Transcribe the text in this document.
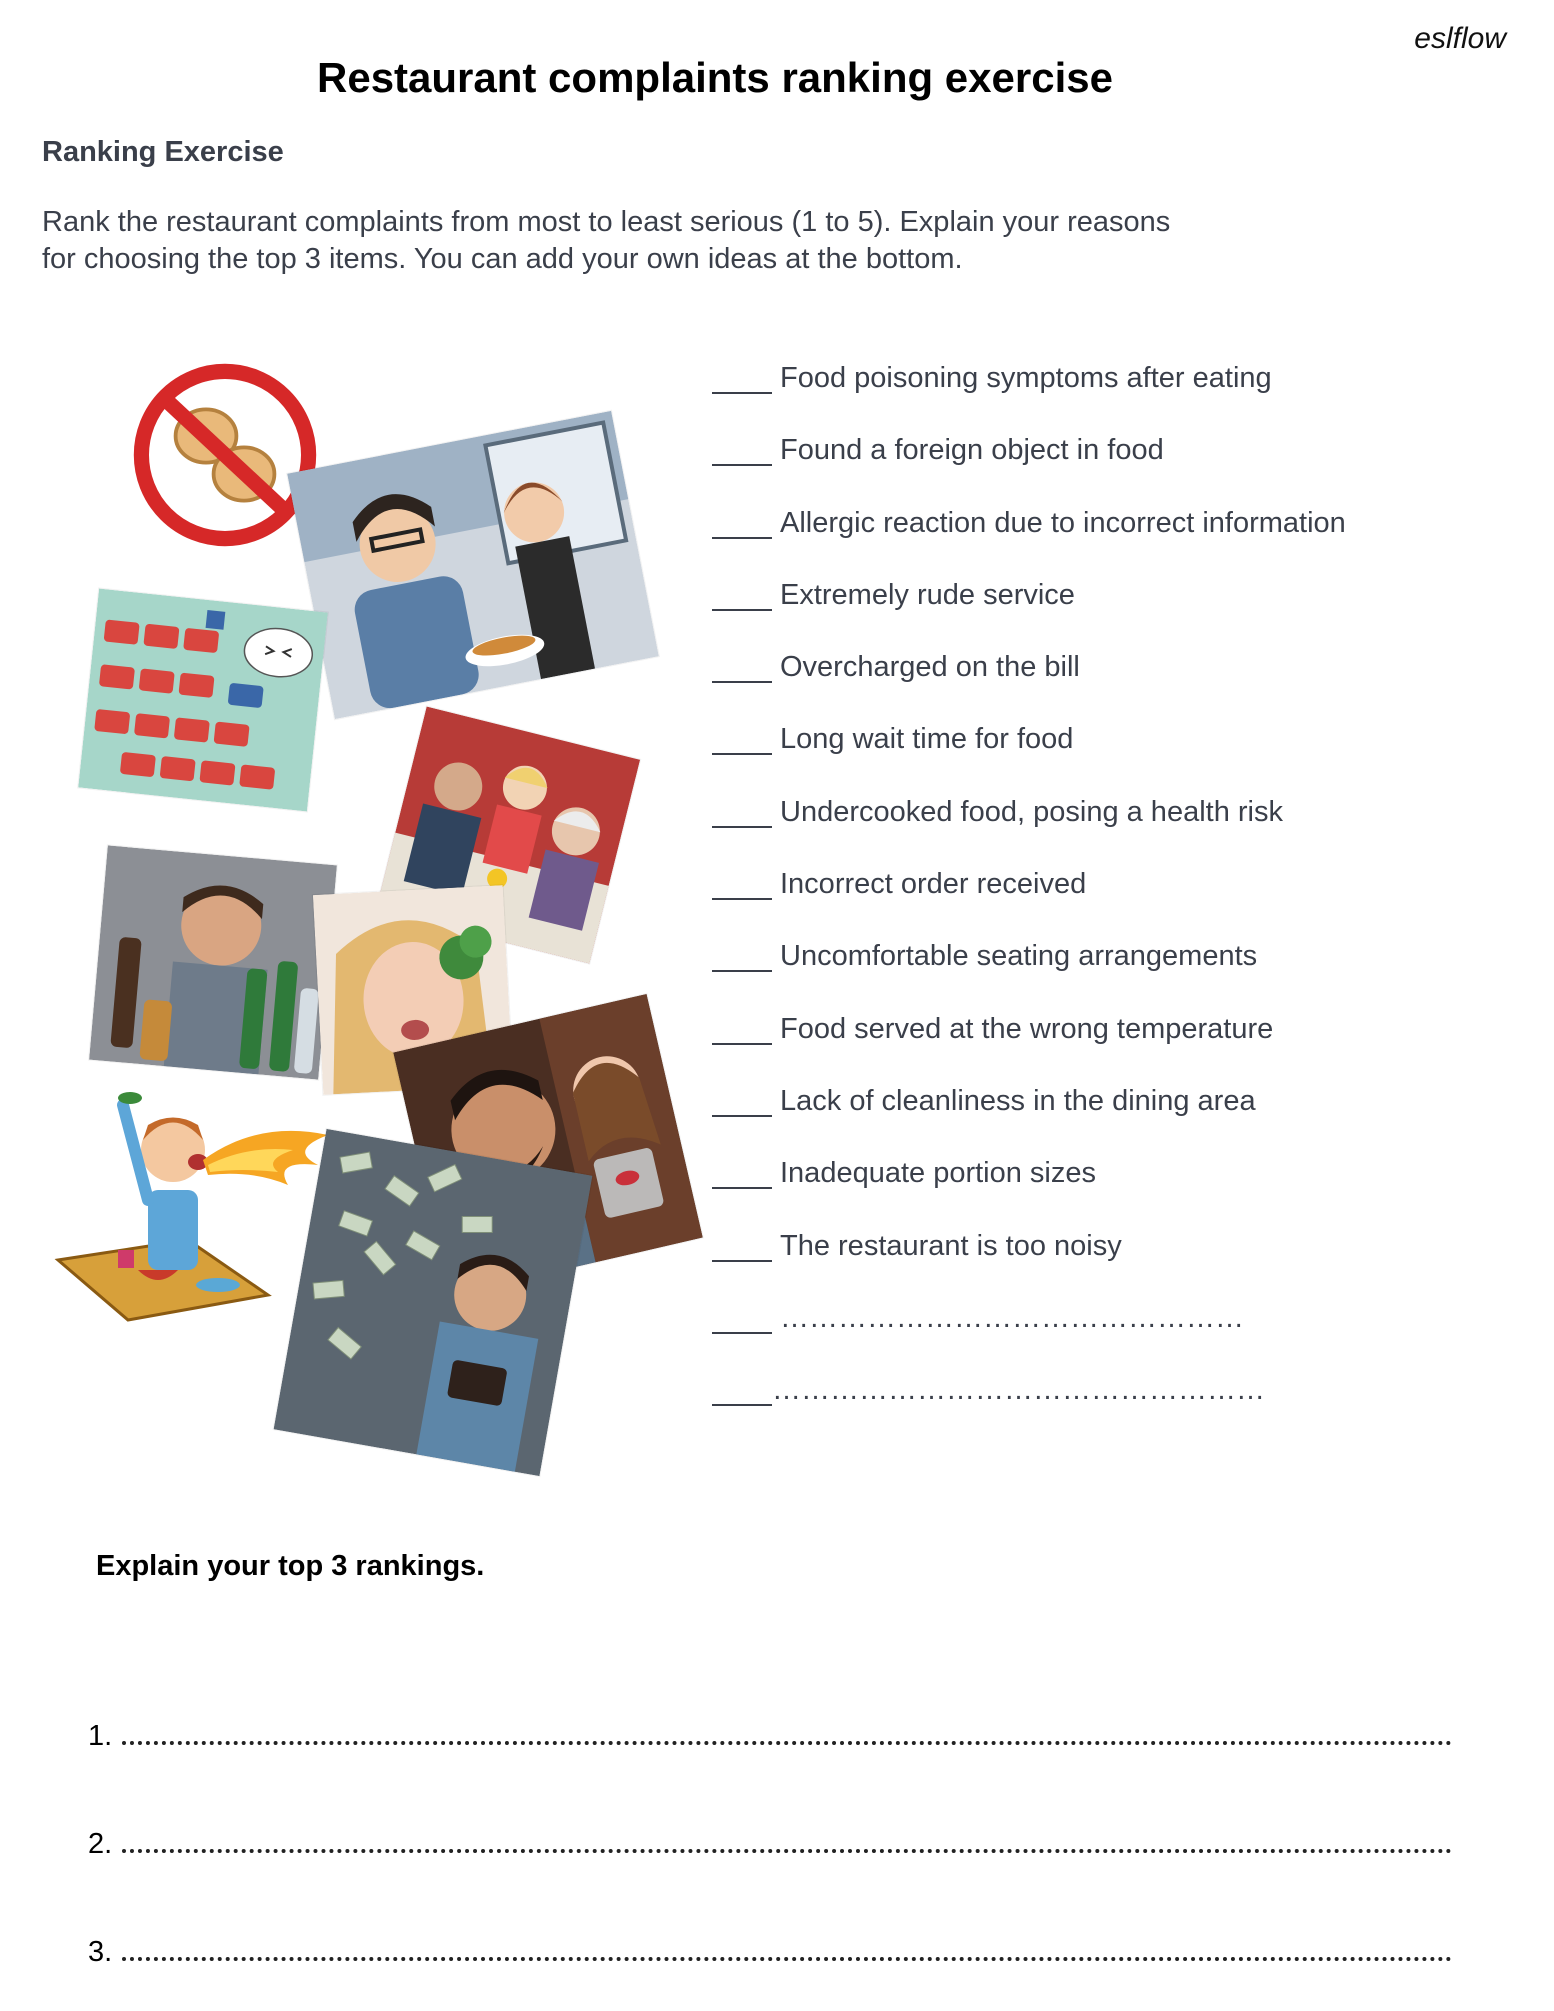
eslflow
Restaurant complaints ranking exercise
Ranking Exercise

Rank the restaurant complaints from most to least serious (1 to 5). Explain your reasons for choosing the top 3 items. You can add your own ideas at the bottom.

Food poisoning symptoms after eating
Found a foreign object in food
Allergic reaction due to incorrect information
Extremely rude service
Overcharged on the bill
Long wait time for food
Undercooked food, posing a health risk
Incorrect order received
Uncomfortable seating arrangements
Food served at the wrong temperature
Lack of cleanliness in the dining area
Inadequate portion sizes
The restaurant is too noisy
…………………………………………
……………………………………………
Explain your top 3 rankings.
1.
2.
3.
